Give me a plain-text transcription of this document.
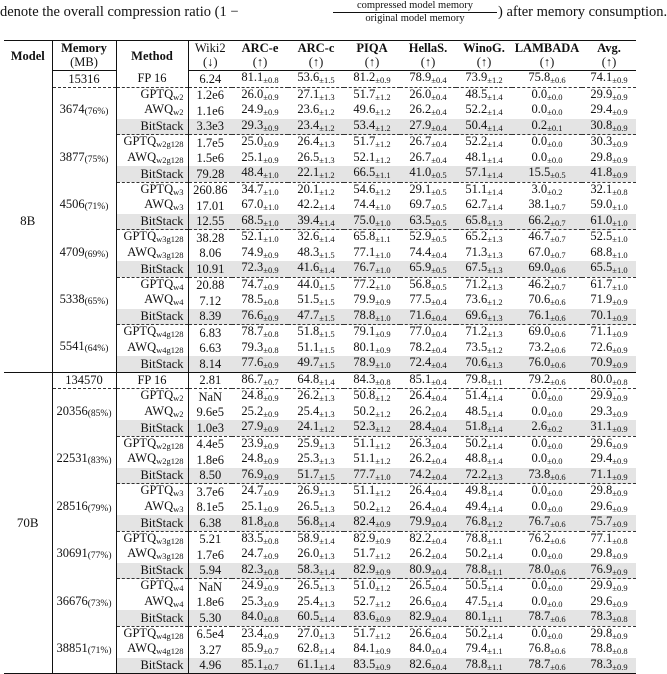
denote the overall compression ratio (1 −	compressed model memory
original model memory	) after memory consumption.
Model	Memory	Method	Wiki2	ARC-e	ARC-c	PIQA	HellaS.	WinoG.	LAMBADA	Avg.
	(MB)		(↓)	(↑)	(↑)	(↑)	(↑)	(↑)	(↑)	(↑)
8B	15316	FP 16	6.24	81.1±0.8	53.6±1.5	81.2±0.9	78.9±0.4	73.9±1.2	75.8±0.6	74.1±0.9
	3674(76%)	$GPTQ_{w2}$	1.2e6	26.0±0.9	27.1±1.3	51.7±1.2	26.0±0.4	48.5±1.4	0.0±0.0	29.9±0.9
		$AWQ_{w2}$	1.1e6	24.9±0.9	23.6±1.2	49.6±1.2	26.2±0.4	52.2±1.4	0.0±0.0	29.4±0.9
		BitStack	3.3e3	29.3±0.9	23.4±1.2	53.4±1.2	27.9±0.4	50.4±1.4	0.2±0.1	30.8±0.9
	3877(75%)	$GPTQ_{w2g128}$	1.7e5	25.0±0.9	26.4±1.3	51.7±1.2	26.7±0.4	52.2±1.4	0.0±0.0	30.3±0.9
		$AWQ_{w2g128}$	1.5e6	25.1±0.9	26.5±1.3	52.1±1.2	26.7±0.4	48.1±1.4	0.0±0.0	29.8±0.9
		BitStack	79.28	48.4±1.0	22.1±1.2	66.5±1.1	41.0±0.5	57.1±1.4	15.5±0.5	41.8±0.9
	4506(71%)	$GPTQ_{w3}$	260.86	34.7±1.0	20.1±1.2	54.6±1.2	29.1±0.5	51.1±1.4	3.0±0.2	32.1±0.8
		$AWQ_{w3}$	17.01	67.0±1.0	42.2±1.4	74.4±1.0	69.7±0.5	62.7±1.4	38.1±0.7	59.0±1.0
		BitStack	12.55	68.5±1.0	39.4±1.4	75.0±1.0	63.5±0.5	65.8±1.3	66.2±0.7	61.0±1.0
	4709(69%)	$GPTQ_{w3g128}$	38.28	52.1±1.0	32.6±1.4	65.8±1.1	52.9±0.5	65.2±1.3	46.7±0.7	52.5±1.0
		$AWQ_{w3g128}$	8.06	74.9±0.9	48.3±1.5	77.1±1.0	74.4±0.4	71.3±1.3	67.0±0.7	68.8±1.0
		BitStack	10.91	72.3±0.9	41.6±1.4	76.7±1.0	65.9±0.5	67.5±1.3	69.0±0.6	65.5±1.0
	5338(65%)	$GPTQ_{w4}$	20.88	74.7±0.9	44.0±1.5	77.2±1.0	56.8±0.5	71.2±1.3	46.2±0.7	61.7±1.0
		$AWQ_{w4}$	7.12	78.5±0.8	51.5±1.5	79.9±0.9	77.5±0.4	73.6±1.2	70.6±0.6	71.9±0.9
		BitStack	8.39	76.6±0.9	47.7±1.5	78.8±1.0	71.6±0.4	69.6±1.3	76.1±0.6	70.1±0.9
	5541(64%)	$GPTQ_{w4g128}$	6.83	78.7±0.8	51.8±1.5	79.1±0.9	77.0±0.4	71.2±1.3	69.0±0.6	71.1±0.9
		$AWQ_{w4g128}$	6.63	79.3±0.8	51.1±1.5	80.1±0.9	78.2±0.4	73.5±1.2	73.2±0.6	72.6±0.9
		BitStack	8.14	77.6±0.9	49.7±1.5	78.9±1.0	72.4±0.4	70.6±1.3	76.0±0.6	70.9±0.9
70B	134570	FP 16	2.81	86.7±0.7	64.8±1.4	84.3±0.8	85.1±0.4	79.8±1.1	79.2±0.6	80.0±0.8
	20356(85%)	$GPTQ_{w2}$	NaN	24.8±0.9	26.2±1.3	50.8±1.2	26.4±0.4	51.4±1.4	0.0±0.0	29.9±0.9
		$AWQ_{w2}$	9.6e5	25.2±0.9	25.4±1.3	50.2±1.2	26.2±0.4	48.5±1.4	0.0±0.0	29.3±0.9
		BitStack	1.0e3	27.9±0.9	24.1±1.2	52.3±1.2	28.4±0.4	51.8±1.4	2.6±0.2	31.1±0.9
	22531(83%)	$GPTQ_{w2g128}$	4.4e5	23.9±0.9	25.9±1.3	51.1±1.2	26.3±0.4	50.2±1.4	0.0±0.0	29.6±0.9
		$AWQ_{w2g128}$	1.8e6	24.8±0.9	25.3±1.3	51.1±1.2	26.2±0.4	48.8±1.4	0.0±0.0	29.4±0.9
		BitStack	8.50	76.9±0.9	51.7±1.5	77.7±1.0	74.2±0.4	72.2±1.3	73.8±0.6	71.1±0.9
	28516(79%)	$GPTQ_{w3}$	3.7e6	24.7±0.9	26.9±1.3	51.1±1.2	26.4±0.4	49.8±1.4	0.0±0.0	29.8±0.9
		$AWQ_{w3}$	8.1e5	25.1±0.9	26.5±1.3	50.2±1.2	26.4±0.4	49.4±1.4	0.0±0.0	29.6±0.9
		BitStack	6.38	81.8±0.8	56.8±1.4	82.4±0.9	79.9±0.4	76.8±1.2	76.7±0.6	75.7±0.9
	30691(77%)	$GPTQ_{w3g128}$	5.21	83.5±0.8	58.9±1.4	82.9±0.9	82.2±0.4	78.8±1.1	76.2±0.6	77.1±0.8
		$AWQ_{w3g128}$	1.7e6	24.7±0.9	26.0±1.3	51.7±1.2	26.2±0.4	50.2±1.4	0.0±0.0	29.8±0.9
		BitStack	5.94	82.3±0.8	58.3±1.4	82.9±0.9	80.9±0.4	78.8±1.1	78.0±0.6	76.9±0.9
	36676(73%)	$GPTQ_{w4}$	NaN	24.9±0.9	26.5±1.3	51.0±1.2	26.5±0.4	50.5±1.4	0.0±0.0	29.9±0.9
		$AWQ_{w4}$	1.8e6	25.3±0.9	25.4±1.3	52.7±1.2	26.6±0.4	47.5±1.4	0.0±0.0	29.6±0.9
		BitStack	5.30	84.0±0.8	60.5±1.4	83.6±0.9	82.9±0.4	80.1±1.1	78.7±0.6	78.3±0.8
	38851(71%)	$GPTQ_{w4g128}$	6.5e4	23.4±0.9	27.0±1.3	51.7±1.2	26.6±0.4	50.2±1.4	0.0±0.0	29.8±0.9
		$AWQ_{w4g128}$	3.27	85.9±0.7	62.8±1.4	84.1±0.9	84.0±0.4	79.4±1.1	76.8±0.6	78.8±0.8
		BitStack	4.96	85.1±0.7	61.1±1.4	83.5±0.9	82.6±0.4	78.8±1.1	78.7±0.6	78.3±0.9
